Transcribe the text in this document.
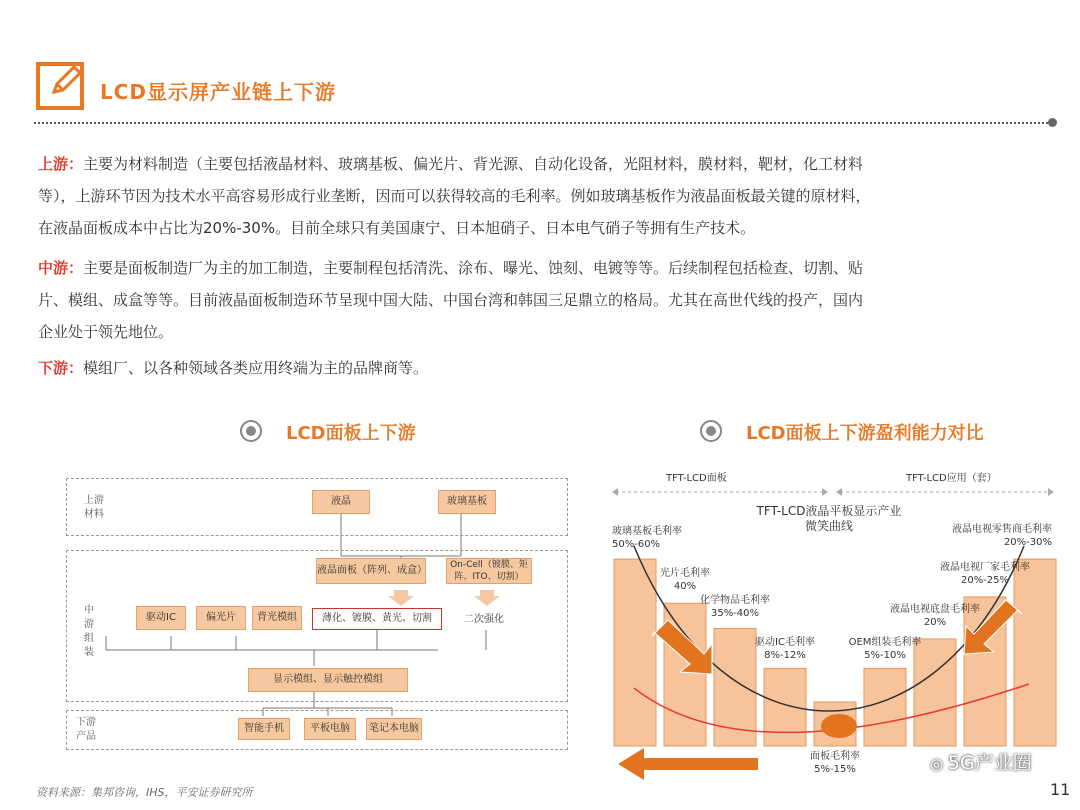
LCD显示屏产业链上下游
上游：主要为材料制造（主要包括液晶材料、玻璃基板、偏光片、背光源、自动化设备，光阻材料，膜材料，靶材，化工材料
等），上游环节因为技术水平高容易形成行业垄断，因而可以获得较高的毛利率。例如玻璃基板作为液晶面板最关键的原材料，
在液晶面板成本中占比为20%-30%。目前全球只有美国康宁、日本旭硝子、日本电气硝子等拥有生产技术。
中游：主要是面板制造厂为主的加工制造，主要制程包括清洗、涂布、曝光、蚀刻、电镀等等。后续制程包括检查、切割、贴
片、模组、成盒等等。目前液晶面板制造环节呈现中国大陆、中国台湾和韩国三足鼎立的格局。尤其在高世代线的投产，国内
企业处于领先地位。
下游：模组厂、以各种领域各类应用终端为主的品牌商等。
LCD面板上下游	LCD面板上下游盈利能力对比
上游
材料
液晶	玻璃基板
中
游
组
装
液晶面板（阵列、成盒）	On-Cell（镀膜、矩阵、ITO、切割）
驱动IC	偏光片	背光模组	薄化、镀膜、黄光、切割	二次强化
显示模组、显示触控模组
下游
产品
智能手机	平板电脑	笔记本电脑
TFT-LCD面板	TFT-LCD应用（套）
TFT-LCD液晶平板显示产业
微笑曲线
玻璃基板毛利率
50%-60%
光片毛利率
40%
化学物品毛利率
35%-40%
驱动IC毛利率
8%-12%
面板毛利率
5%-15%
OEM组装毛利率
5%-10%
液晶电视底盘毛利率
20%
液晶电视厂家毛利率
20%-25%
液晶电视零售商毛利率
20%-30%
资料来源：集邦咨询，IHS，平安证券研究所
◎ 5G产业圈
11
